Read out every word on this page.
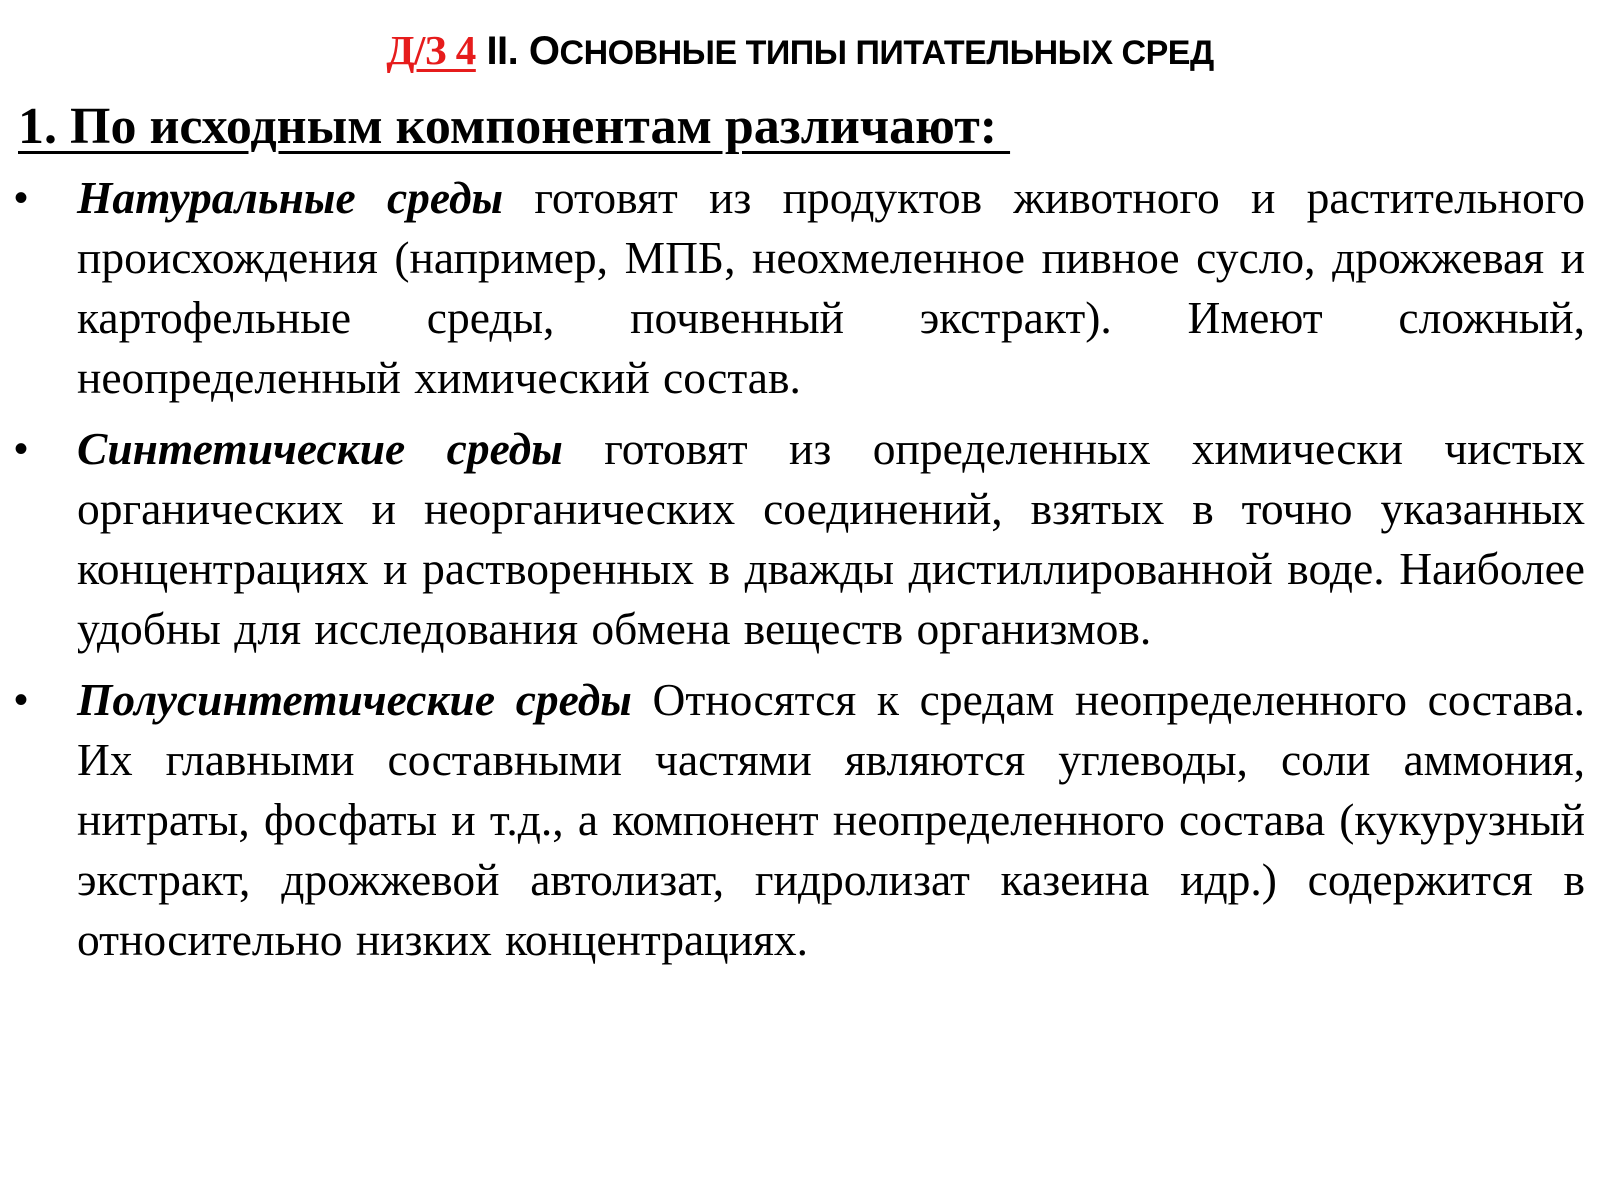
Д/З 4 II. ОСНОВНЫЕ ТИПЫ ПИТАТЕЛЬНЫХ СРЕД
1. По исходным компонентам различают:
• Натуральные среды готовят из продуктов животного и растительного происхождения (например, МПБ, неохмеленное пивное сусло, дрожжевая и картофельные среды, почвенный экстракт). Имеют сложный, неопределенный химический состав.
• Синтетические среды готовят из определенных химически чистых органических и неорганических соединений, взятых в точно указанных концентрациях и растворенных в дважды дистиллированной воде. Наиболее удобны для исследования обмена веществ организмов.
• Полусинтетические среды Относятся к средам неопределенного состава. Их главными составными частями являются углеводы, соли аммония, нитраты, фосфаты и т.д., а компонент неопределенного состава (кукурузный экстракт, дрожжевой автолизат, гидролизат казеина идр.) содержится в относительно низких концентрациях.
